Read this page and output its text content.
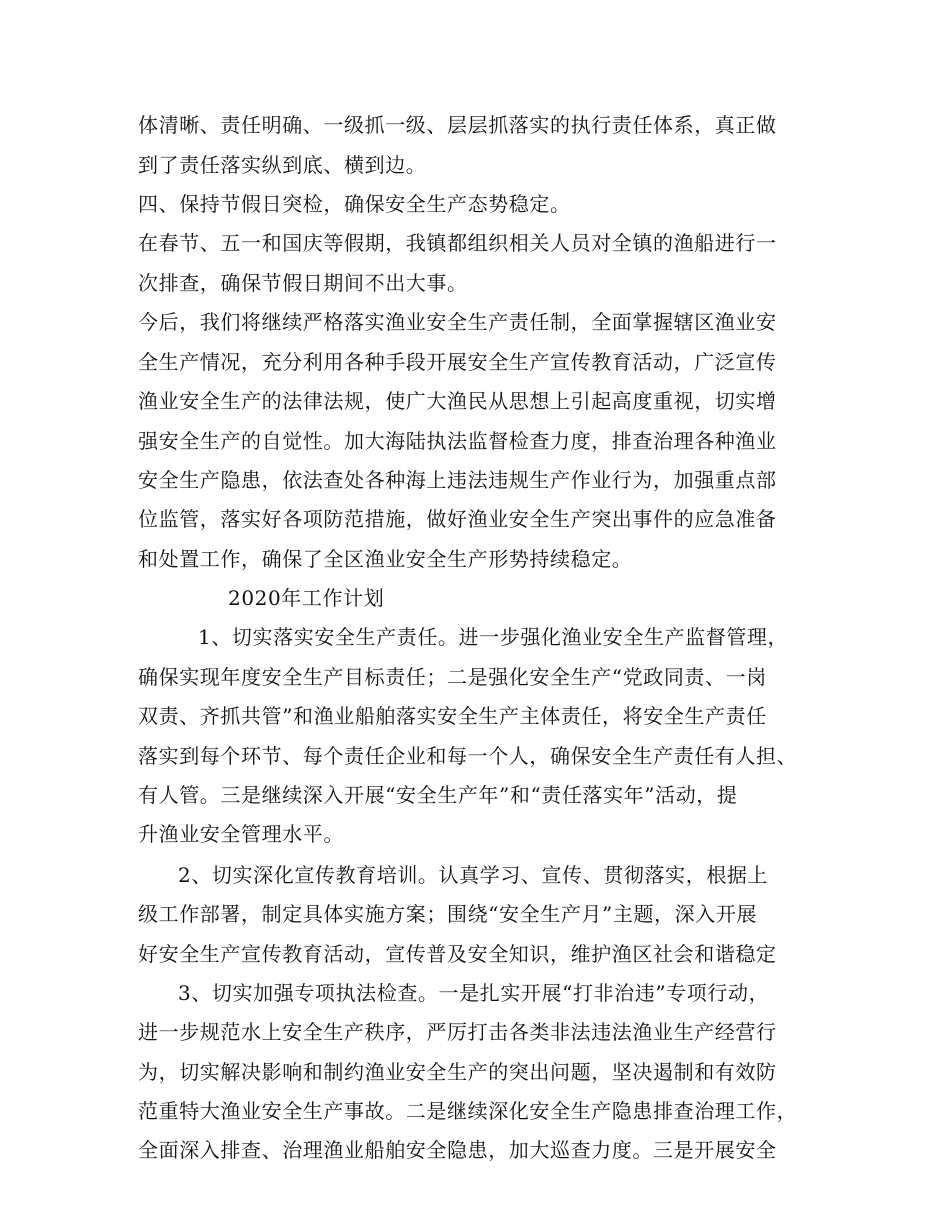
体清晰、责任明确、一级抓一级、层层抓落实的执行责任体系，真正做
到了责任落实纵到底、横到边。
四、保持节假日突检，确保安全生产态势稳定。
在春节、五一和国庆等假期，我镇都组织相关人员对全镇的渔船进行一
次排查，确保节假日期间不出大事。
今后，我们将继续严格落实渔业安全生产责任制，全面掌握辖区渔业安
全生产情况，充分利用各种手段开展安全生产宣传教育活动，广泛宣传
渔业安全生产的法律法规，使广大渔民从思想上引起高度重视，切实增
强安全生产的自觉性。加大海陆执法监督检查力度，排查治理各种渔业
安全生产隐患，依法查处各种海上违法违规生产作业行为，加强重点部
位监管，落实好各项防范措施，做好渔业安全生产突出事件的应急准备
和处置工作，确保了全区渔业安全生产形势持续稳定。
2020年工作计划
1、切实落实安全生产责任。进一步强化渔业安全生产监督管理，
确保实现年度安全生产目标责任；二是强化安全生产“党政同责、一岗
双责、齐抓共管”和渔业船舶落实安全生产主体责任，将安全生产责任
落实到每个环节、每个责任企业和每一个人，确保安全生产责任有人担、
有人管。三是继续深入开展“安全生产年”和“责任落实年”活动，提
升渔业安全管理水平。
2、切实深化宣传教育培训。认真学习、宣传、贯彻落实，根据上
级工作部署，制定具体实施方案；围绕“安全生产月”主题，深入开展
好安全生产宣传教育活动，宣传普及安全知识，维护渔区社会和谐稳定
3、切实加强专项执法检查。一是扎实开展“打非治违”专项行动，
进一步规范水上安全生产秩序，严厉打击各类非法违法渔业生产经营行
为，切实解决影响和制约渔业安全生产的突出问题，坚决遏制和有效防
范重特大渔业安全生产事故。二是继续深化安全生产隐患排查治理工作，
全面深入排查、治理渔业船舶安全隐患，加大巡查力度。三是开展安全
